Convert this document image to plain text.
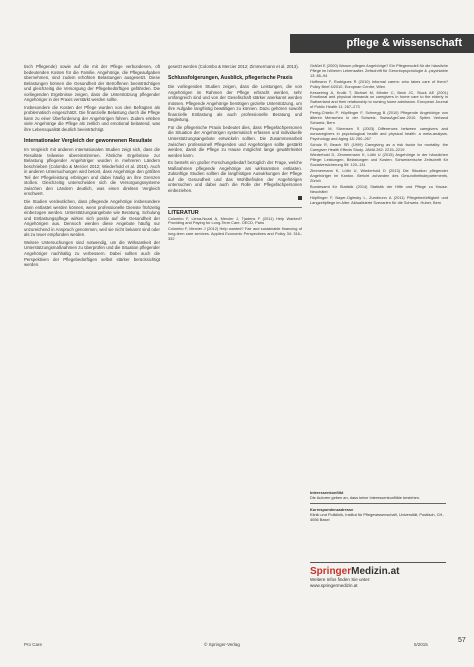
pflege & wissenschaft

tisch Pflegende) sowie auf die mit der Pflege verbundenen, oft bedeutenden Kosten für die Familie. Angehörige, die Pflegeaufgaben übernehmen, sind zudem erhöhten Belastungen ausgesetzt. Diese Belastungen können die Gesundheit der Betroffenen beeinträchtigen und gleichzeitig die Versorgung der Pflegebedürftigen gefährden. Die vorliegenden Ergebnisse zeigen, dass die Unterstützung pflegender Angehöriger in der Praxis verstärkt werden sollte.

Insbesondere die Kosten der Pflege wurden von den Befragten als problematisch eingeschätzt. Die finanzielle Belastung durch die Pflege kann zu einer Überforderung der Angehörigen führen. Zudem erleben viele Angehörige die Pflege als zeitlich und emotional belastend, was ihre Lebensqualität deutlich beeinträchtigt.

Internationaler Vergleich der gewonnenen Resultate

Im Vergleich mit anderen internationalen Studien zeigt sich, dass die Resultate teilweise übereinstimmen. Ähnliche Ergebnisse zur Belastung pflegender Angehöriger wurden in mehreren Ländern beschrieben (Colombo & Mercier 2012; Wiederhold et al. 2015). Auch in anderen Untersuchungen wird betont, dass Angehörige den größten Teil der Pflegeleistung erbringen und dabei häufig an ihre Grenzen stoßen. Gleichzeitig unterscheiden sich die Versorgungssysteme zwischen den Ländern deutlich, was einen direkten Vergleich erschwert.

Die Studien verdeutlichen, dass pflegende Angehörige insbesondere dann entlastet werden können, wenn professionelle Dienste frühzeitig einbezogen werden. Unterstützungsangebote wie Beratung, Schulung und Entlastungspflege wirken sich positiv auf die Gesundheit der Angehörigen aus. Dennoch werden diese Angebote häufig nur unzureichend in Anspruch genommen, weil sie nicht bekannt sind oder als zu teuer empfunden werden.

Weitere Untersuchungen sind notwendig, um die Wirksamkeit der Unterstützungsmaßnahmen zu überprüfen und die Situation pflegender Angehöriger nachhaltig zu verbessern. Dabei sollten auch die Perspektiven der Pflegebedürftigen selbst stärker berücksichtigt werden.

gesetzt werden (Colombo & Mercier 2012; Zimmermann et al. 2013).

Schlussfolgerungen, Ausblick, pflegerische Praxis

Die vorliegenden Studien zeigen, dass die Leistungen, die von Angehörigen im Rahmen der Pflege erbracht werden, sehr umfangreich sind und von der Gesellschaft stärker anerkannt werden müssen. Pflegende Angehörige benötigen gezielte Unterstützung, um ihre Aufgabe langfristig bewältigen zu können. Dazu gehören sowohl finanzielle Entlastung als auch professionelle Beratung und Begleitung.

Für die pflegerische Praxis bedeutet dies, dass Pflegefachpersonen die Situation der Angehörigen systematisch erfassen und individuelle Unterstützungsangebote entwickeln sollten. Die Zusammenarbeit zwischen professionell Pflegenden und Angehörigen sollte gestärkt werden, damit die Pflege zu Hause möglichst lange gewährleistet werden kann.

Es besteht ein großer Forschungsbedarf bezüglich der Frage, welche Maßnahmen pflegende Angehörige am wirksamsten entlasten. Zukünftige Studien sollten die langfristigen Auswirkungen der Pflege auf die Gesundheit und das Wohlbefinden der Angehörigen untersuchen und dabei auch die Rolle der Pflegefachpersonen einbeziehen.

LITERATUR

Colombo F, Llena-Nozal A, Mercier J, Tjadens F (2011) Help Wanted? Providing and Paying for Long-Term Care. OECD, Paris

Colombo F, Mercier J (2012) Help wanted? Fair and sustainable financing of long-term care services. Applied Economic Perspectives and Policy 34: 316–332

Gräßel E (2000) Warum pflegen Angehörige? Ein Pflegemodell für die häusliche Pflege im höheren Lebensalter. Zeitschrift für Gerontopsychologie & -psychiatrie 13: 85–94

Hoffmann F, Rodrigues R (2010) Informal carers: who takes care of them? Policy Brief 4/2010. European Centre, Wien

Kesselring A, Krulik T, Bichsel M, Minder C, Beck JC, Stuck AE (2001) Emotional and physical demands on caregivers in home care to the elderly in Switzerland and their relationship to nursing home admission. European Journal of Public Health 11: 267–273

Perrig-Chiello P, Höpflinger F, Schnegg B (2010) Pflegende Angehörige von älteren Menschen in der Schweiz. SwissAgeCare-2010. Spitex Verband Schweiz, Bern

Pinquart M, Sörensen S (2003) Differences between caregivers and noncaregivers in psychological health and physical health: a meta-analysis. Psychology and Aging 18: 250–267

Schulz R, Beach SR (1999) Caregiving as a risk factor for mortality: the Caregiver Health Effects Study. JAMA 282: 2215–2219

Wiederhold D, Zimmermann K, Lüthi U (2015) Angehörige in der häuslichen Pflege: Leistungen, Belastungen und Kosten. Schweizerische Zeitschrift für Sozialversicherung 59: 120–131

Zimmermann K, Lüthi U, Wiederhold D (2013) Die Situation pflegender Angehöriger im Kanton. Bericht zuhanden des Gesundheitsdepartements, Zürich

Bundesamt für Statistik (2014) Statistik der Hilfe und Pflege zu Hause. Neuchâtel

Höpflinger F, Bayer-Oglesby L, Zumbrunn A (2011) Pflegebedürftigkeit und Langzeitpflege im Alter. Aktualisierte Szenarien für die Schweiz. Huber, Bern

Interessenkonflikt
Die Autoren geben an, dass keine Interessenkonflikte bestehen.
Korrespondenzadresse
Klinik und Poliklinik, Institut für Pflegewissenschaft, Universität, Postfach, CH-4056 Basel
SpringerMedizin.at
Weitere Infos finden Sie unter:
www.springermedizin.at
Pro Care	© Springer-Verlag	5/2015
57
